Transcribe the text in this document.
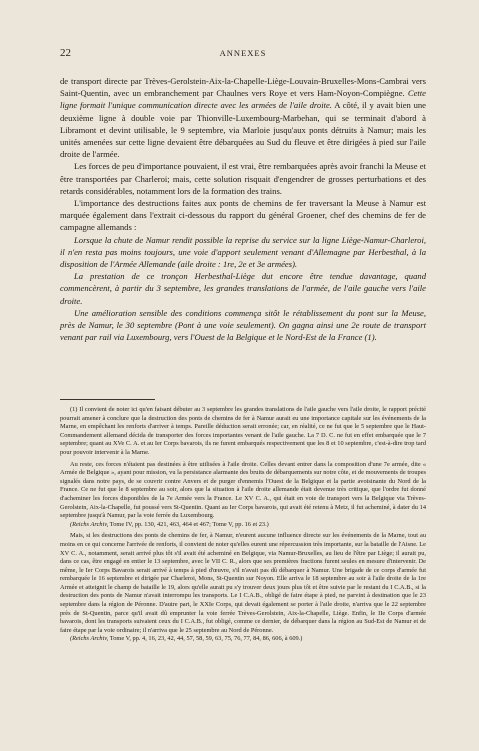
22	ANNEXES

de transport directe par Trèves-Gerolstein-Aix-la-Chapelle-Liège-Louvain-Bruxelles-Mons-Cambrai vers Saint-Quentin, avec un embranchement par Chaulnes vers Roye et vers Ham-Noyon-Compiègne. Cette ligne formait l'unique communication directe avec les armées de l'aile droite. A côté, il y avait bien une deuxième ligne à double voie par Thionville-Luxembourg-Marbehan, qui se terminait d'abord à Libramont et devint utilisable, le 9 septembre, via Marloie jusqu'aux ponts détruits à Namur; mais les unités amenées sur cette ligne devaient être débarquées au Sud du fleuve et être dirigées à pied sur l'aile droite de l'armée.

Les forces de peu d'importance pouvaient, il est vrai, être rembarquées après avoir franchi la Meuse et être transportées par Charleroi; mais, cette solution risquait d'engendrer de grosses perturbations et des retards considérables, notamment lors de la formation des trains.

L'importance des destructions faites aux ponts de chemins de fer traversant la Meuse à Namur est marquée également dans l'extrait ci-dessous du rapport du général Groener, chef des chemins de fer de campagne allemands :

Lorsque la chute de Namur rendit possible la reprise du service sur la ligne Liège-Namur-Charleroi, il n'en resta pas moins toujours, une voie d'apport seulement venant d'Allemagne par Herbesthal, à la disposition de l'Armée Allemande (aile droite : 1re, 2e et 3e armées).

La prestation de ce tronçon Herbesthal-Liège dut encore être tendue davantage, quand commencèrent, à partir du 3 septembre, les grandes translations de l'armée, de l'aile gauche vers l'aile droite.

Une amélioration sensible des conditions commença sitôt le rétablissement du pont sur la Meuse, près de Namur, le 30 septembre (Pont à une voie seulement). On gagna ainsi une 2e route de transport venant par rail via Luxembourg, vers l'Ouest de la Belgique et le Nord-Est de la France (1).

(1) Il convient de noter ici qu'en faisant débuter au 3 septembre les grandes translations de l'aile gauche vers l'aile droite, le rapport précité pourrait amener à conclure que la destruction des ponts de chemins de fer à Namur aurait eu une importance capitale sur les événements de la Marne, en empêchant les renforts d'arriver à temps. Pareille déduction serait erronée; car, en réalité, ce ne fut que le 5 septembre que le Haut-Commandement allemand décida de transporter des forces importantes venant de l'aile gauche. La 7 D. C. ne fut en effet embarquée que le 7 septembre; quant au XVe C. A. et au Ier Corps bavarois, ils ne furent embarqués respectivement que les 8 et 10 septembre, c'est-à-dire trop tard pour pouvoir intervenir à la Marne.

Au reste, ces forces n'étaient pas destinées à être utilisées à l'aile droite. Celles devant entrer dans la composition d'une 7e armée, dite « Armée de Belgique », ayant pour mission, vu la persistance alarmante des bruits de débarquements sur notre côte, et de mouvements de troupes signalés dans notre pays, de se couvrir contre Anvers et de purger d'ennemis l'Ouest de la Belgique et la partie avoisinante du Nord de la France. Ce ne fut que le 8 septembre au soir, alors que la situation à l'aile droite allemande était devenue très critique, que l'ordre fut donné d'acheminer les forces disponibles de la 7e Armée vers la France. Le XV C. A., qui était en voie de transport vers la Belgique via Trèves-Gerolstein, Aix-la-Chapelle, fut poussé vers St-Quentin. Quant au Ier Corps bavarois, qui avait été retenu à Metz, il fut acheminé, à dater du 14 septembre jusqu'à Namur, par la voie ferrée du Luxembourg.

(Reichs Archiv, Tome IV, pp. 130, 421, 463, 464 et 467; Tome V, pp. 16 et 23.)

Mais, si les destructions des ponts de chemins de fer, à Namur, n'eurent aucune influence directe sur les événements de la Marne, tout au moins en ce qui concerne l'arrivée de renforts, il convient de noter qu'elles eurent une répercussion très importante, sur la bataille de l'Aisne. Le XV C. A., notamment, serait arrivé plus tôt s'il avait été acheminé en Belgique, via Namur-Bruxelles, au lieu de l'être par Liège; il aurait pu, dans ce cas, être engagé en entier le 13 septembre, avec le VII C. R., alors que ses premières fractions furent seules en mesure d'intervenir. De même, le Ier Corps Bavarois serait arrivé à temps à pied d'œuvre, s'il n'avait pas dû débarquer à Namur. Une brigade de ce corps d'armée fut rembarquée le 16 septembre et dirigée par Charleroi, Mons, St-Quentin sur Noyon. Elle arriva le 18 septembre au soir à l'aile droite de la 1re Armée et atteignit le champ de bataille le 19, alors qu'elle aurait pu s'y trouver deux jours plus tôt et être suivie par le restant du I C.A.B., si la destruction des ponts de Namur n'avait interrompu les transports. Le I C.A.B., obligé de faire étape à pied, ne parvint à destination que le 23 septembre dans la région de Péronne. D'autre part, le XXIe Corps, qui devait également se porter à l'aile droite, n'arriva que le 22 septembre près de St-Quentin, parce qu'il avait dû emprunter la voie ferrée Trèves-Gerolstein, Aix-la-Chapelle, Liège. Enfin, le IIe Corps d'armée bavarois, dont les transports suivaient ceux du I C.A.B., fut obligé, comme ce dernier, de débarquer dans la région au Sud-Est de Namur et de faire étape par la voie ordinaire; il n'arriva que le 25 septembre au Nord de Péronne.

(Reichs Archiv, Tome V, pp. 4, 16, 23, 42, 44, 57, 58, 59, 63, 75, 76, 77, 84, 86, 606, à 609.)
